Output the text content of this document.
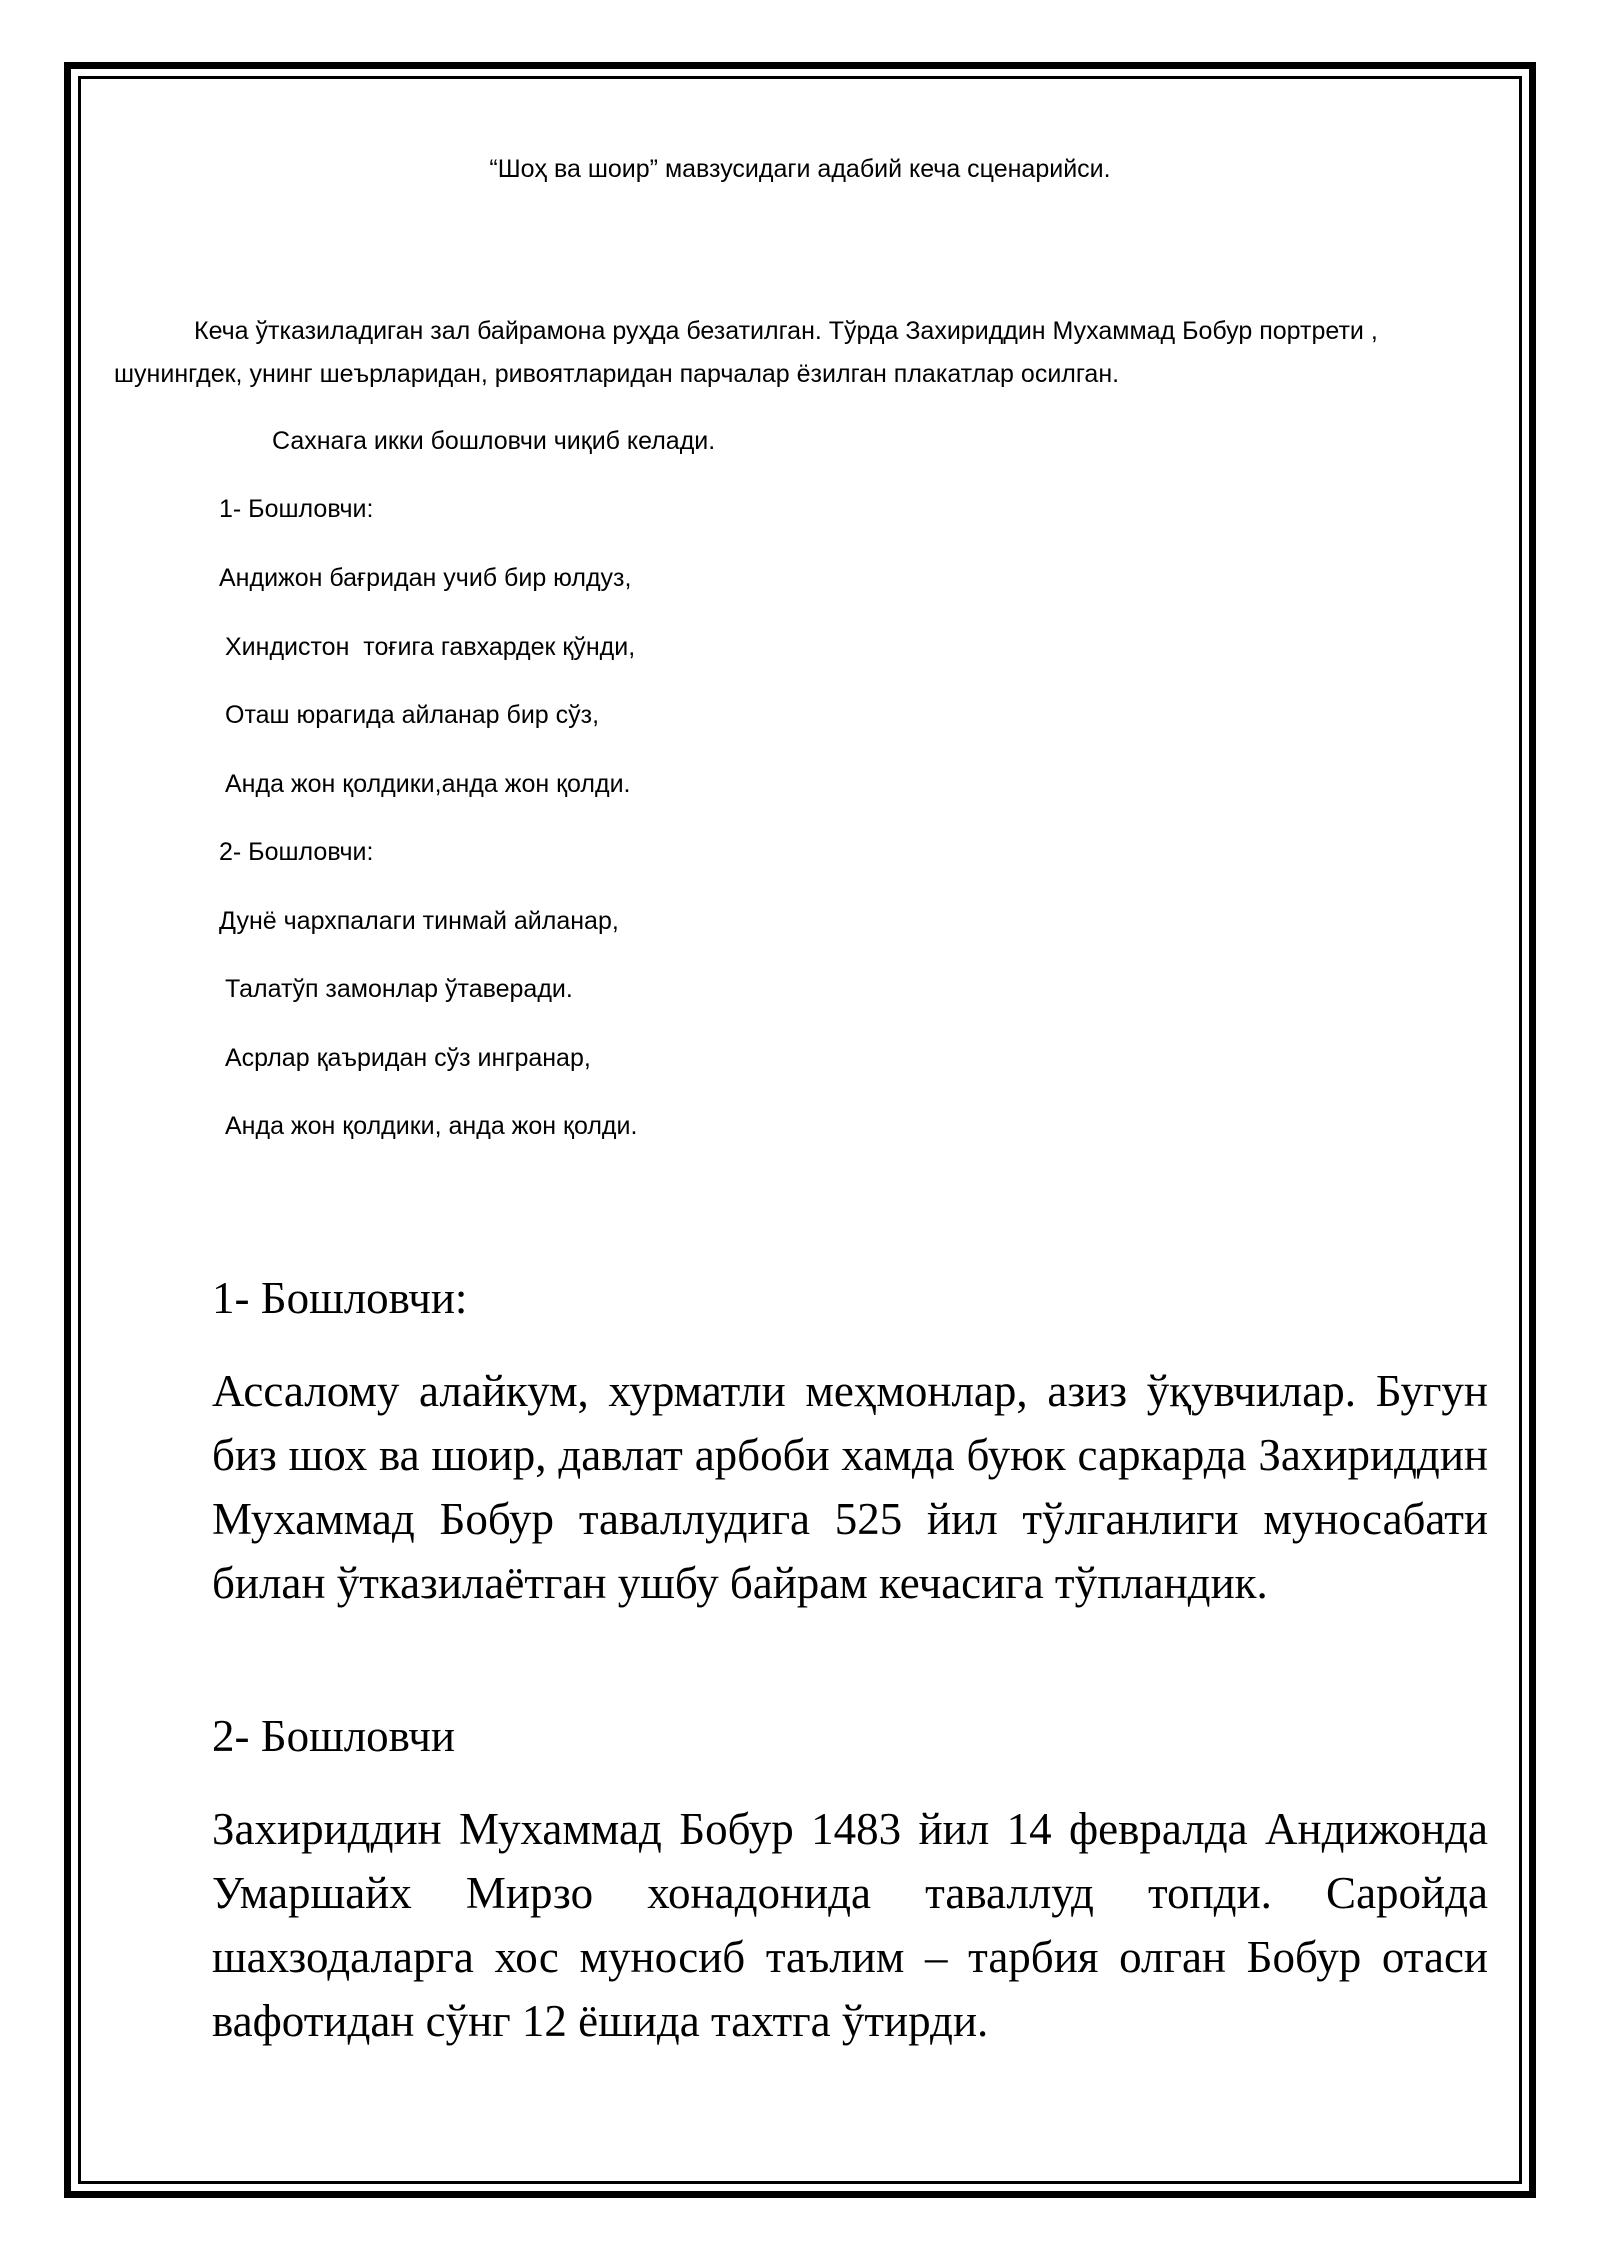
“Шоҳ ва шоир” мавзусидаги адабий кеча сценарийси.
Кеча ўтказиладиган зал байрамона руҳда безатилган. Тўрда Захириддин Мухаммад Бобур портрети , шунингдек, унинг шеърларидан, ривоятларидан парчалар ёзилган плакатлар осилган.
Сахнага икки бошловчи чиқиб келади.
1- Бошловчи:
Андижон бағридан учиб бир юлдуз,
Хиндистон  тоғига гавхардек қўнди,
Оташ юрагида айланар бир сўз,
Анда жон қолдики,анда жон қолди.
2- Бошловчи:
Дунё чархпалаги тинмай айланар,
Талатўп замонлар ўтаверади.
Асрлар қаъридан сўз ингранар,
Анда жон қолдики, анда жон қолди.
1- Бошловчи:
Ассалому алайкум, хурматли меҳмонлар, азиз ўқувчилар. Бугун биз шох ва шоир, давлат арбоби хамда буюк саркарда Захириддин Мухаммад Бобур таваллудига 525 йил тўлганлиги муносабати билан ўтказилаётган ушбу байрам кечасига тўпландик.
2- Бошловчи
Захириддин Мухаммад Бобур 1483 йил 14 февралда Андижонда Умаршайх Мирзо хонадонида таваллуд топди. Саройда шахзодаларга хос муносиб таълим – тарбия олган Бобур отаси вафотидан сўнг 12 ёшида тахтга ўтирди.
